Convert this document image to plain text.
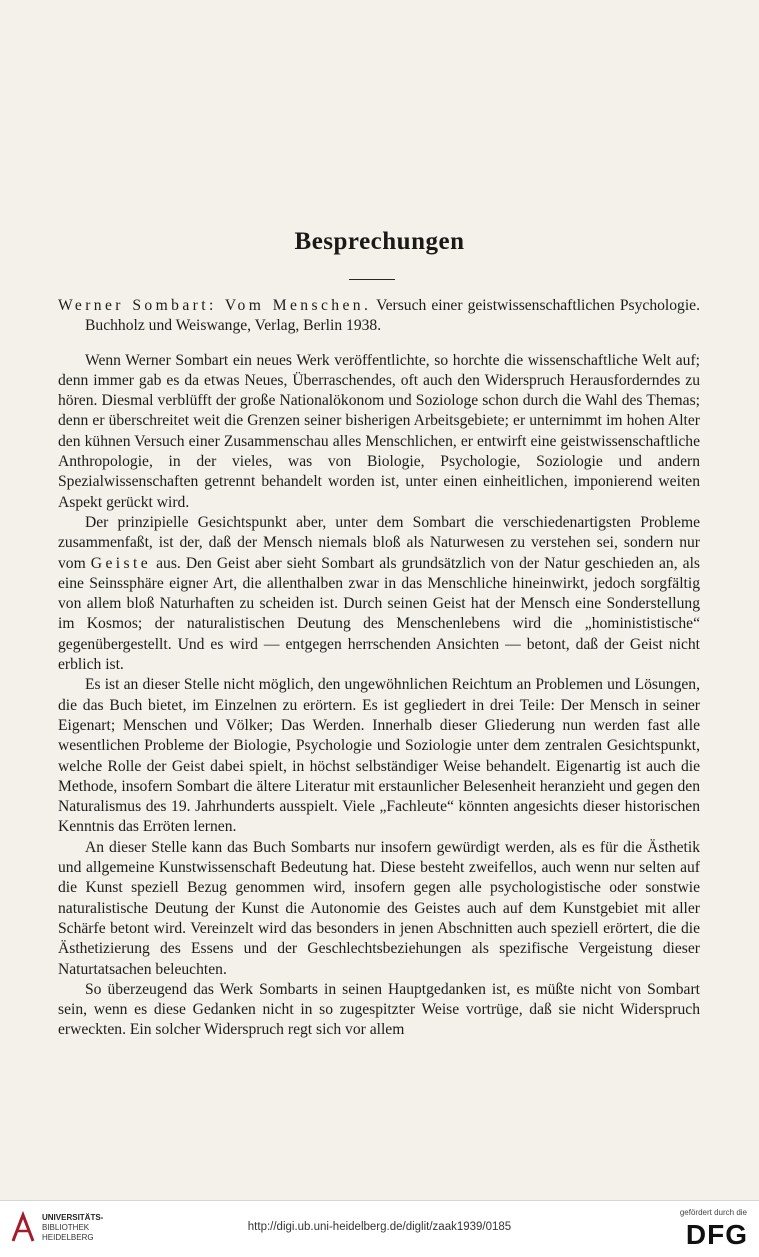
Besprechungen

Werner Sombart: Vom Menschen. Versuch einer geistwissenschaftlichen Psychologie. Buchholz und Weiswange, Verlag, Berlin 1938.

Wenn Werner Sombart ein neues Werk veröffentlichte, so horchte die wissenschaftliche Welt auf; denn immer gab es da etwas Neues, Überraschendes, oft auch den Widerspruch Herausforderndes zu hören. Diesmal verblüfft der große Nationalökonom und Soziologe schon durch die Wahl des Themas; denn er überschreitet weit die Grenzen seiner bisherigen Arbeitsgebiete; er unternimmt im hohen Alter den kühnen Versuch einer Zusammenschau alles Menschlichen, er entwirft eine geistwissenschaftliche Anthropologie, in der vieles, was von Biologie, Psychologie, Soziologie und andern Spezialwissenschaften getrennt behandelt worden ist, unter einen einheitlichen, imponierend weiten Aspekt gerückt wird.

Der prinzipielle Gesichtspunkt aber, unter dem Sombart die verschiedenartigsten Probleme zusammenfaßt, ist der, daß der Mensch niemals bloß als Naturwesen zu verstehen sei, sondern nur vom Geiste aus. Den Geist aber sieht Sombart als grundsätzlich von der Natur geschieden an, als eine Seinssphäre eigner Art, die allenthalben zwar in das Menschliche hineinwirkt, jedoch sorgfältig von allem bloß Naturhaften zu scheiden ist. Durch seinen Geist hat der Mensch eine Sonderstellung im Kosmos; der naturalistischen Deutung des Menschenlebens wird die „hominististische“ gegenübergestellt. Und es wird — entgegen herrschenden Ansichten — betont, daß der Geist nicht erblich ist.

Es ist an dieser Stelle nicht möglich, den ungewöhnlichen Reichtum an Problemen und Lösungen, die das Buch bietet, im Einzelnen zu erörtern. Es ist gegliedert in drei Teile: Der Mensch in seiner Eigenart; Menschen und Völker; Das Werden. Innerhalb dieser Gliederung nun werden fast alle wesentlichen Probleme der Biologie, Psychologie und Soziologie unter dem zentralen Gesichtspunkt, welche Rolle der Geist dabei spielt, in höchst selbständiger Weise behandelt. Eigenartig ist auch die Methode, insofern Sombart die ältere Literatur mit erstaunlicher Belesenheit heranzieht und gegen den Naturalismus des 19. Jahrhunderts ausspielt. Viele „Fachleute“ könnten angesichts dieser historischen Kenntnis das Erröten lernen.

An dieser Stelle kann das Buch Sombarts nur insofern gewürdigt werden, als es für die Ästhetik und allgemeine Kunstwissenschaft Bedeutung hat. Diese besteht zweifellos, auch wenn nur selten auf die Kunst speziell Bezug genommen wird, insofern gegen alle psychologistische oder sonstwie naturalistische Deutung der Kunst die Autonomie des Geistes auch auf dem Kunstgebiet mit aller Schärfe betont wird. Vereinzelt wird das besonders in jenen Abschnitten auch speziell erörtert, die die Ästhetizierung des Essens und der Geschlechtsbeziehungen als spezifische Vergeistung dieser Naturtatsachen beleuchten.

So überzeugend das Werk Sombarts in seinen Hauptgedanken ist, es müßte nicht von Sombart sein, wenn es diese Gedanken nicht in so zugespitzter Weise vortrüge, daß sie nicht Widerspruch erweckten. Ein solcher Widerspruch regt sich vor allem

UNIVERSITÄTS-
BIBLIOTHEK
HEIDELBERG
http://digi.ub.uni-heidelberg.de/diglit/zaak1939/0185
gefördert durch die
DFG
